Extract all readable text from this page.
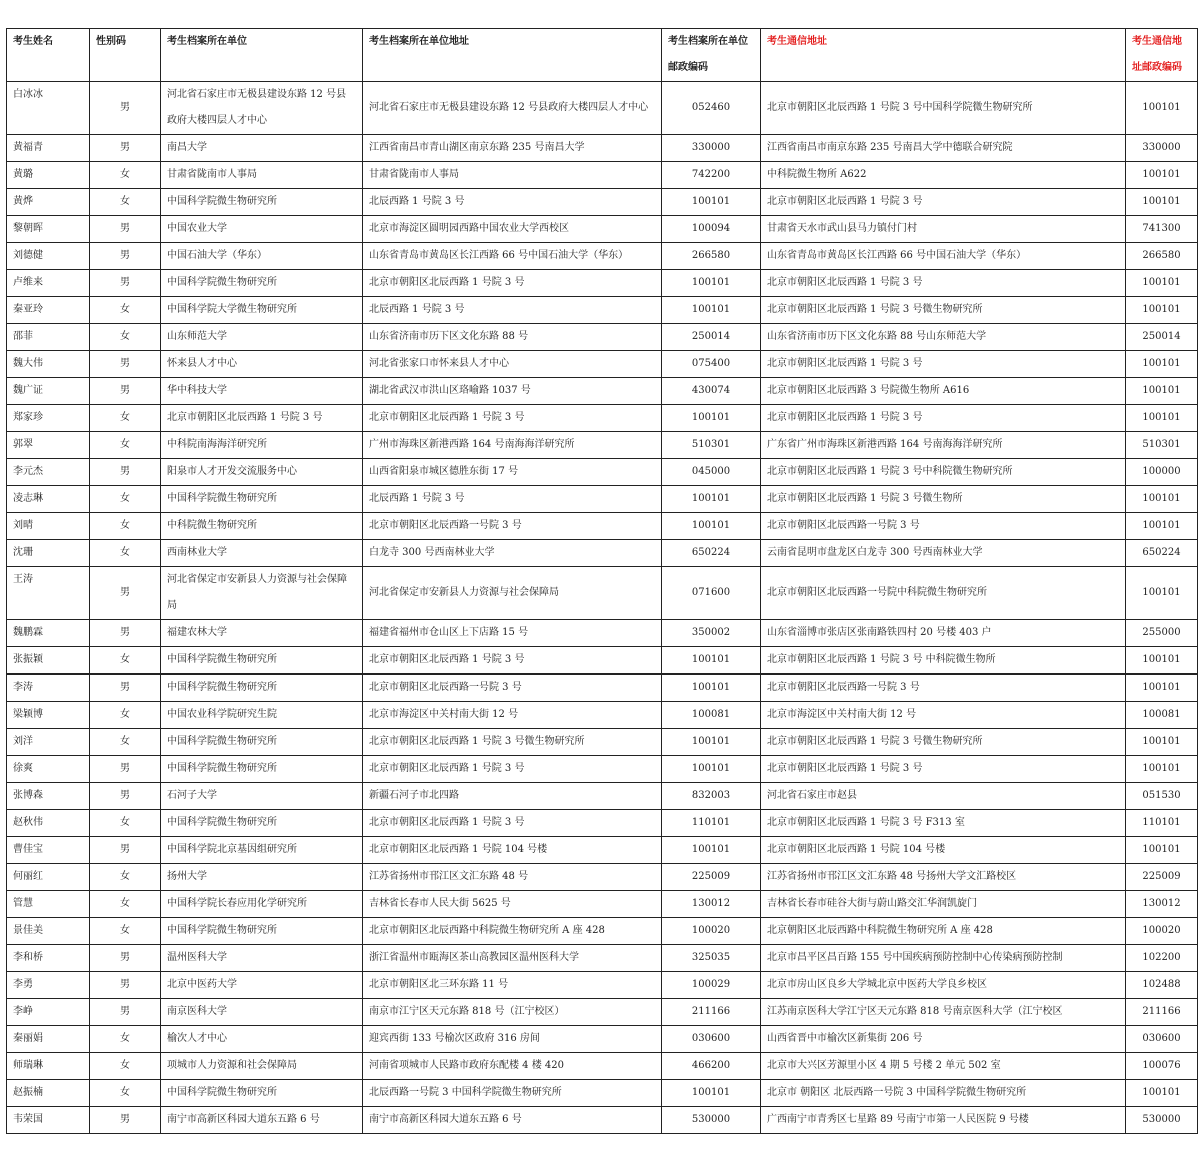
考生姓名	性别码	考生档案所在单位	考生档案所在单位地址	考生档案所在单位邮政编码	考生通信地址	考生通信地址邮政编码
白冰冰	男	河北省石家庄市无极县建设东路 12 号县政府大楼四层人才中心	河北省石家庄市无极县建设东路 12 号县政府大楼四层人才中心	052460	北京市朝阳区北辰西路 1 号院 3 号中国科学院微生物研究所	100101
黄福青	男	南昌大学	江西省南昌市青山湖区南京东路 235 号南昌大学	330000	江西省南昌市南京东路 235 号南昌大学中德联合研究院	330000
黄璐	女	甘肃省陇南市人事局	甘肃省陇南市人事局	742200	中科院微生物所 A622	100101
黄烨	女	中国科学院微生物研究所	北辰西路 1 号院 3 号	100101	北京市朝阳区北辰西路 1 号院 3 号	100101
黎朝晖	男	中国农业大学	北京市海淀区圆明园西路中国农业大学西校区	100094	甘肃省天水市武山县马力镇付门村	741300
刘德健	男	中国石油大学（华东）	山东省青岛市黄岛区长江西路 66 号中国石油大学（华东）	266580	山东省青岛市黄岛区长江西路 66 号中国石油大学（华东）	266580
卢维来	男	中国科学院微生物研究所	北京市朝阳区北辰西路 1 号院 3 号	100101	北京市朝阳区北辰西路 1 号院 3 号	100101
秦亚玲	女	中国科学院大学微生物研究所	北辰西路 1 号院 3 号	100101	北京市朝阳区北辰西路 1 号院 3 号微生物研究所	100101
邵菲	女	山东师范大学	山东省济南市历下区文化东路 88 号	250014	山东省济南市历下区文化东路 88 号山东师范大学	250014
魏大伟	男	怀来县人才中心	河北省张家口市怀来县人才中心	075400	北京市朝阳区北辰西路 1 号院 3 号	100101
魏广证	男	华中科技大学	湖北省武汉市洪山区珞喻路 1037 号	430074	北京市朝阳区北辰西路 3 号院微生物所 A616	100101
郑家珍	女	北京市朝阳区北辰西路 1 号院 3 号	北京市朝阳区北辰西路 1 号院 3 号	100101	北京市朝阳区北辰西路 1 号院 3 号	100101
郭翠	女	中科院南海海洋研究所	广州市海珠区新港西路 164 号南海海洋研究所	510301	广东省广州市海珠区新港西路 164 号南海海洋研究所	510301
李元杰	男	阳泉市人才开发交流服务中心	山西省阳泉市城区德胜东街 17 号	045000	北京市朝阳区北辰西路 1 号院 3 号中科院微生物研究所	100000
凌志琳	女	中国科学院微生物研究所	北辰西路 1 号院 3 号	100101	北京市朝阳区北辰西路 1 号院 3 号微生物所	100101
刘晴	女	中科院微生物研究所	北京市朝阳区北辰西路一号院 3 号	100101	北京市朝阳区北辰西路一号院 3 号	100101
沈珊	女	西南林业大学	白龙寺 300 号西南林业大学	650224	云南省昆明市盘龙区白龙寺 300 号西南林业大学	650224
王涛	男	河北省保定市安新县人力资源与社会保障局	河北省保定市安新县人力资源与社会保障局	071600	北京市朝阳区北辰西路一号院中科院微生物研究所	100101
魏鹏霖	男	福建农林大学	福建省福州市仓山区上下店路 15 号	350002	山东省淄博市张店区张南路铁四村 20 号楼 403 户	255000
张振颖	女	中国科学院微生物研究所	北京市朝阳区北辰西路 1 号院 3 号	100101	北京市朝阳区北辰西路 1 号院 3 号 中科院微生物所	100101
李涛	男	中国科学院微生物研究所	北京市朝阳区北辰西路一号院 3 号	100101	北京市朝阳区北辰西路一号院 3 号	100101
梁颖博	女	中国农业科学院研究生院	北京市海淀区中关村南大街 12 号	100081	北京市海淀区中关村南大街 12 号	100081
刘洋	女	中国科学院微生物研究所	北京市朝阳区北辰西路 1 号院 3 号微生物研究所	100101	北京市朝阳区北辰西路 1 号院 3 号微生物研究所	100101
徐爽	男	中国科学院微生物研究所	北京市朝阳区北辰西路 1 号院 3 号	100101	北京市朝阳区北辰西路 1 号院 3 号	100101
张博森	男	石河子大学	新疆石河子市北四路	832003	河北省石家庄市赵县	051530
赵秋伟	女	中国科学院微生物研究所	北京市朝阳区北辰西路 1 号院 3 号	110101	北京市朝阳区北辰西路 1 号院 3 号 F313 室	110101
曹佳宝	男	中国科学院北京基因组研究所	北京市朝阳区北辰西路 1 号院 104 号楼	100101	北京市朝阳区北辰西路 1 号院 104 号楼	100101
何丽红	女	扬州大学	江苏省扬州市邗江区文汇东路 48 号	225009	江苏省扬州市邗江区文汇东路 48 号扬州大学文汇路校区	225009
管慧	女	中国科学院长春应用化学研究所	吉林省长春市人民大街 5625 号	130012	吉林省长春市硅谷大街与蔚山路交汇华润凯旋门	130012
景佳美	女	中国科学院微生物研究所	北京市朝阳区北辰西路中科院微生物研究所 A 座 428	100020	北京朝阳区北辰西路中科院微生物研究所 A 座 428	100020
李和桥	男	温州医科大学	浙江省温州市瓯海区茶山高教园区温州医科大学	325035	北京市昌平区昌百路 155 号中国疾病预防控制中心传染病预防控制	102200
李勇	男	北京中医药大学	北京市朝阳区北三环东路 11 号	100029	北京市房山区良乡大学城北京中医药大学良乡校区	102488
李峥	男	南京医科大学	南京市江宁区天元东路 818 号（江宁校区）	211166	江苏南京医科大学江宁区天元东路 818 号南京医科大学（江宁校区	211166
秦丽娟	女	榆次人才中心	迎宾西街 133 号榆次区政府 316 房间	030600	山西省晋中市榆次区新集街 206 号	030600
师瑞琳	女	项城市人力资源和社会保障局	河南省项城市人民路市政府东配楼 4 楼 420	466200	北京市大兴区芳源里小区 4 期 5 号楼 2 单元 502 室	100076
赵振楠	女	中国科学院微生物研究所	北辰西路一号院 3 中国科学院微生物研究所	100101	北京市 朝阳区 北辰西路一号院 3 中国科学院微生物研究所	100101
韦荣国	男	南宁市高新区科园大道东五路 6 号	南宁市高新区科园大道东五路 6 号	530000	广西南宁市青秀区七星路 89 号南宁市第一人民医院 9 号楼	530000
